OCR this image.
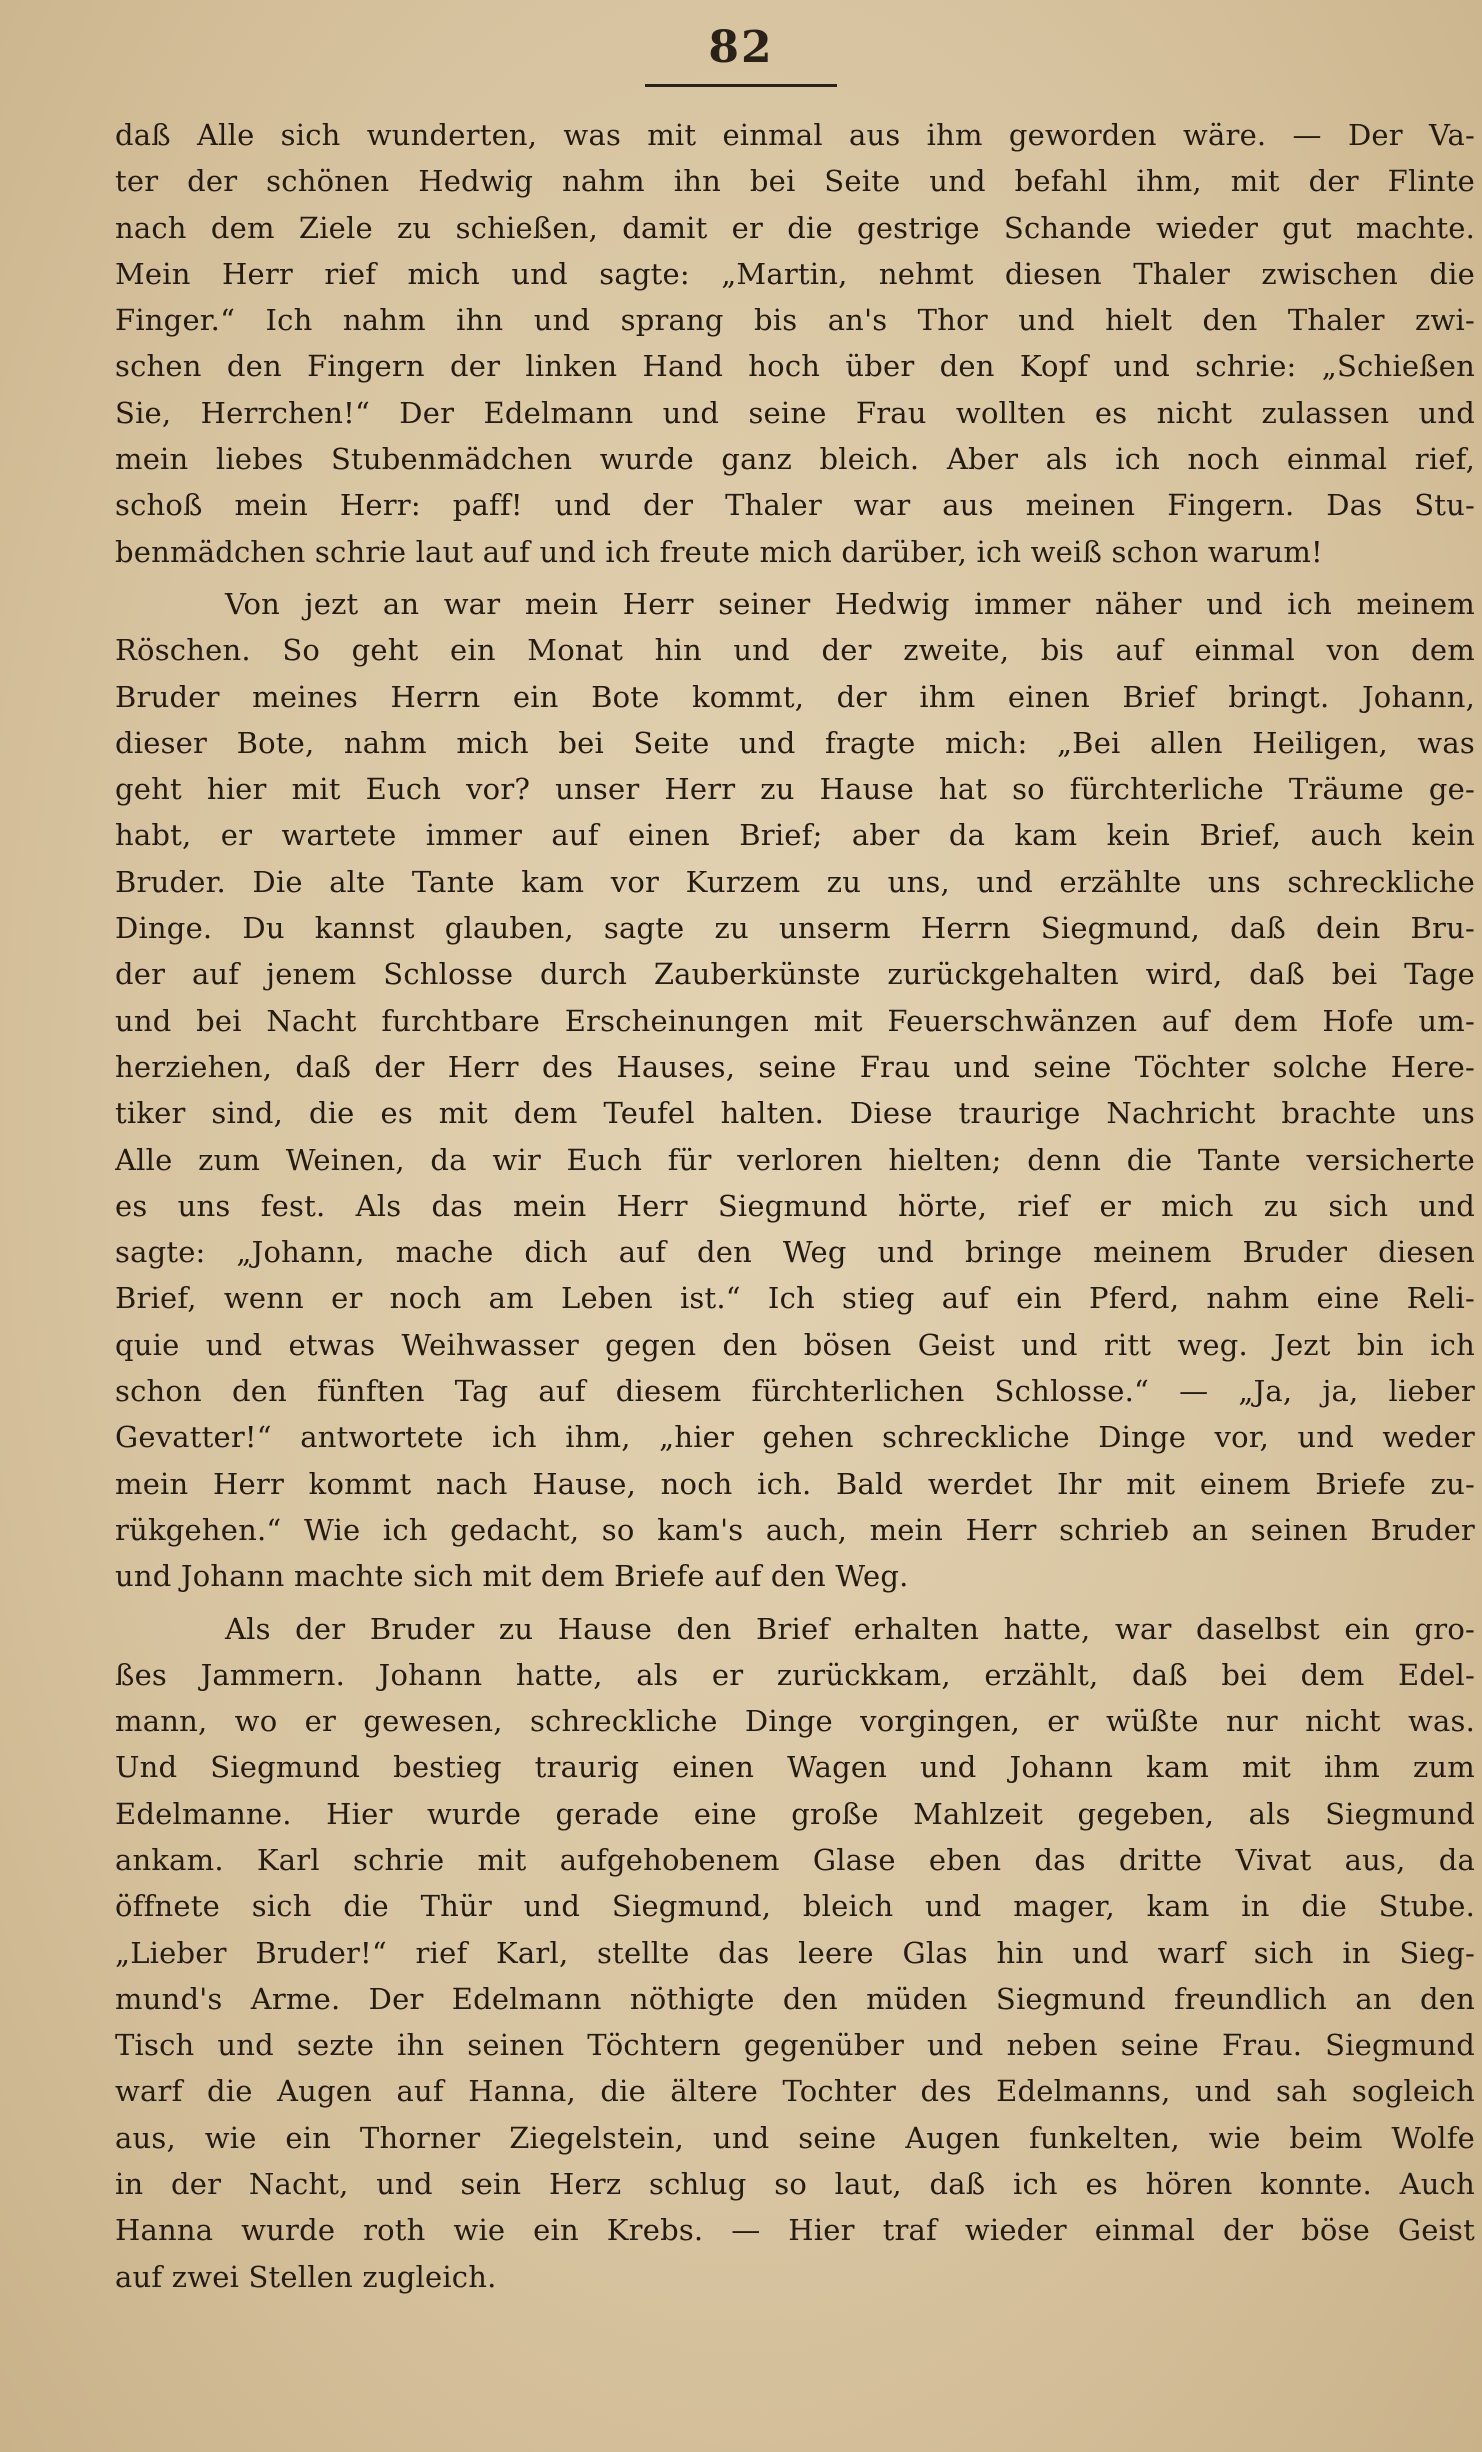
82
daß Alle sich wunderten, was mit einmal aus ihm geworden wäre. — Der Va-
ter der schönen Hedwig nahm ihn bei Seite und befahl ihm, mit der Flinte
nach dem Ziele zu schießen, damit er die gestrige Schande wieder gut machte.
Mein Herr rief mich und sagte: „Martin, nehmt diesen Thaler zwischen die
Finger.“ Ich nahm ihn und sprang bis an's Thor und hielt den Thaler zwi-
schen den Fingern der linken Hand hoch über den Kopf und schrie: „Schießen
Sie, Herrchen!“ Der Edelmann und seine Frau wollten es nicht zulassen und
mein liebes Stubenmädchen wurde ganz bleich. Aber als ich noch einmal rief,
schoß mein Herr: paff! und der Thaler war aus meinen Fingern. Das Stu-
benmädchen schrie laut auf und ich freute mich darüber, ich weiß schon warum!
Von jezt an war mein Herr seiner Hedwig immer näher und ich meinem
Röschen. So geht ein Monat hin und der zweite, bis auf einmal von dem
Bruder meines Herrn ein Bote kommt, der ihm einen Brief bringt. Johann,
dieser Bote, nahm mich bei Seite und fragte mich: „Bei allen Heiligen, was
geht hier mit Euch vor? unser Herr zu Hause hat so fürchterliche Träume ge-
habt, er wartete immer auf einen Brief; aber da kam kein Brief, auch kein
Bruder. Die alte Tante kam vor Kurzem zu uns, und erzählte uns schreckliche
Dinge. Du kannst glauben, sagte zu unserm Herrn Siegmund, daß dein Bru-
der auf jenem Schlosse durch Zauberkünste zurückgehalten wird, daß bei Tage
und bei Nacht furchtbare Erscheinungen mit Feuerschwänzen auf dem Hofe um-
herziehen, daß der Herr des Hauses, seine Frau und seine Töchter solche Here-
tiker sind, die es mit dem Teufel halten. Diese traurige Nachricht brachte uns
Alle zum Weinen, da wir Euch für verloren hielten; denn die Tante versicherte
es uns fest. Als das mein Herr Siegmund hörte, rief er mich zu sich und
sagte: „Johann, mache dich auf den Weg und bringe meinem Bruder diesen
Brief, wenn er noch am Leben ist.“ Ich stieg auf ein Pferd, nahm eine Reli-
quie und etwas Weihwasser gegen den bösen Geist und ritt weg. Jezt bin ich
schon den fünften Tag auf diesem fürchterlichen Schlosse.“ — „Ja, ja, lieber
Gevatter!“ antwortete ich ihm, „hier gehen schreckliche Dinge vor, und weder
mein Herr kommt nach Hause, noch ich. Bald werdet Ihr mit einem Briefe zu-
rükgehen.“ Wie ich gedacht, so kam's auch, mein Herr schrieb an seinen Bruder
und Johann machte sich mit dem Briefe auf den Weg.
Als der Bruder zu Hause den Brief erhalten hatte, war daselbst ein gro-
ßes Jammern. Johann hatte, als er zurückkam, erzählt, daß bei dem Edel-
mann, wo er gewesen, schreckliche Dinge vorgingen, er wüßte nur nicht was.
Und Siegmund bestieg traurig einen Wagen und Johann kam mit ihm zum
Edelmanne. Hier wurde gerade eine große Mahlzeit gegeben, als Siegmund
ankam. Karl schrie mit aufgehobenem Glase eben das dritte Vivat aus, da
öffnete sich die Thür und Siegmund, bleich und mager, kam in die Stube.
„Lieber Bruder!“ rief Karl, stellte das leere Glas hin und warf sich in Sieg-
mund's Arme. Der Edelmann nöthigte den müden Siegmund freundlich an den
Tisch und sezte ihn seinen Töchtern gegenüber und neben seine Frau. Siegmund
warf die Augen auf Hanna, die ältere Tochter des Edelmanns, und sah sogleich
aus, wie ein Thorner Ziegelstein, und seine Augen funkelten, wie beim Wolfe
in der Nacht, und sein Herz schlug so laut, daß ich es hören konnte. Auch
Hanna wurde roth wie ein Krebs. — Hier traf wieder einmal der böse Geist
auf zwei Stellen zugleich.
